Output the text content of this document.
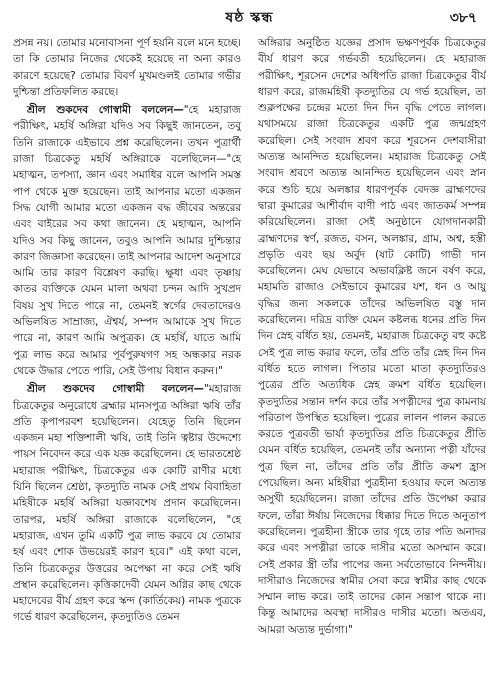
ষষ্ঠ স্কন্ধ	৩৮৭

প্রসন্ন নয়। তোমার মনোবাসনা পূর্ণ হয়নি বলে মনে হচ্ছে। তা কি তোমার নিজের থেকেই হয়েছে না অন্য কারও কারণে হয়েছে? তোমার বিবর্ণ মুখমণ্ডলই তোমার গভীর দুশ্চিন্তা প্রতিফলিত করছে।

শ্রীল শুকদেব গোস্বামী বললেন—"হে মহারাজ পরীক্ষিৎ, মহর্ষি অঙ্গিরা যদিও সব কিছুই জানতেন, তবু তিনি রাজাকে এইভাবে প্রশ্ন করেছিলেন। তখন পুত্রার্থী রাজা চিত্রকেতু মহর্ষি অঙ্গিরাকে বলেছিলেন—"হে মহাত্মন, তপস্যা, জ্ঞান এবং সমাধির বলে আপনি সমস্ত পাপ থেকে মুক্ত হয়েছেন। তাই আপনার মতো একজন সিদ্ধ যোগী আমার মতো একজন বদ্ধ জীবের অন্তরের এবং বাইরের সব কথা জানেন। হে মহাত্মন, আপনি যদিও সব কিছু জানেন, তবুও আপনি আমার দুশ্চিন্তার কারণ জিজ্ঞাসা করেছেন। তাই আপনার আদেশ অনুসারে আমি তার কারণ বিশ্লেষণ করছি। ক্ষুধা এবং তৃষ্ণায় কাতর ব্যক্তিকে যেমন মালা অথবা চন্দন আদি সুখপ্রদ বিষয় সুখ দিতে পারে না, তেমনই স্বর্গের দেবতাদেরও অভিলষিত সাম্রাজ্য, ঐশ্বর্য, সম্পদ আমাকে সুখ দিতে পারে না, কারণ আমি অপুত্রক। হে মহর্ষি, যাতে আমি পুত্র লাভ করে আমার পূর্বপুরুষগণ সহ অন্ধকার নরক থেকে উদ্ধার পেতে পারি, সেই উপায় বিধান করুন।"

শ্রীল শুকদেব গোস্বামী বললেন—"মহারাজ চিত্রকেতুর অনুরোধে ব্রহ্মার মানসপুত্র অঙ্গিরা ঋষি তাঁর প্রতি কৃপাপরবশ হয়েছিলেন। যেহেতু তিনি ছিলেন একজন মহা শক্তিশালী ঋষি, তাই তিনি ত্বষ্টার উদ্দেশ্যে পায়স নিবেদন করে এক যজ্ঞ করেছিলেন। হে ভারতশ্রেষ্ঠ মহারাজ পরীক্ষিৎ, চিত্রকেতুর এক কোটি রাণীর মধ্যে যিনি ছিলেন শ্রেষ্ঠা, কৃতদ্যুতি নামক সেই প্রথম বিবাহিতা মহিষীকে মহর্ষি অঙ্গিরা যজ্ঞাবশেষ প্রদান করেছিলেন। তারপর, মহর্ষি অঙ্গিরা রাজাকে বলেছিলেন, "হে মহারাজ, এখন তুমি একটি পুত্র লাভ করবে যে তোমার হর্ষ এবং শোক উভয়েরই কারণ হবে।" এই কথা বলে, তিনি চিত্রকেতুর উত্তরের অপেক্ষা না করে সেই ঋষি প্রস্থান করেছিলেন। কৃত্তিকাদেবী যেমন অগ্নির কাছ থেকে মহাদেবের বীর্য গ্রহণ করে স্কন্দ (কার্তিকেয়) নামক পুত্রকে গর্ভে ধারণ করেছিলেন, কৃতদ্যুতিও তেমন

অঙ্গিরার অনুষ্ঠিত যজ্ঞের প্রসাদ ভক্ষণপূর্বক চিত্রকেতুর বীর্য ধারণ করে গর্ভবতী হয়েছিলেন। হে মহারাজ পরীক্ষিৎ, শূরসেন দেশের অধিপতি রাজা চিত্রকেতুর বীর্য ধারণ করে, রাজমহিষী কৃতদ্যুতির যে গর্ভ হয়েছিল, তা শুক্লপক্ষের চন্দ্রের মতো দিন দিন বৃদ্ধি পেতে লাগল। যথাসময়ে রাজা চিত্রকেতুর একটি পুত্র জন্মগ্রহণ করেছিল। সেই সংবাদ শ্রবণ করে শূরসেন দেশবাসীরা অত্যন্ত আনন্দিত হয়েছিলেন। মহারাজ চিত্রকেতু সেই সংবাদ শ্রবণে অত্যন্ত আনন্দিত হয়েছিলেন এবং স্নান করে শুচি হয়ে অলঙ্কার ধারণপূর্বক বেদজ্ঞ ব্রাহ্মণদের দ্বারা কুমারের আশীর্বাদ বাণী পাঠ এবং জাতকর্ম সম্পন্ন করিয়েছিলেন। রাজা সেই অনুষ্ঠানে যোগদানকারী ব্রাহ্মণদের স্বর্ণ, রজত, বসন, অলঙ্কার, গ্রাম, অশ্ব, হস্তী প্রভৃতি এবং ছয় অর্বুদ (ষাট কোটি) গাভী দান করেছিলেন। মেঘ যেভাবে অভাবক্লিষ্ট জনে বর্ষণ করে, মহামতি রাজাও সেইভাবে কুমারের যশ, ধন ও আয়ু বৃদ্ধির জন্য সকলকে তাঁদের অভিলষিত বস্তু দান করেছিলেন। দরিদ্র ব্যক্তি যেমন কষ্টলব্ধ ধনের প্রতি দিন দিন স্নেহ বর্ধিত হয়, তেমনই, মহারাজ চিত্রকেতু বহু কষ্টে সেই পুত্র লাভ করার ফলে, তাঁর প্রতি তাঁর স্নেহ দিন দিন বর্ধিত হতে লাগল। পিতার মতো মাতা কৃতদ্যুতিরও পুত্রের প্রতি অত্যধিক স্নেহ ক্রমশ বর্ধিত হয়েছিল। কৃতদ্যুতির সন্তান দর্শন করে তাঁর সপত্নীদের পুত্র কামনায় পরিতাপ উপস্থিত হয়েছিল। পুত্রের লালন পালন করতে করতে পুত্রবতী ভার্যা কৃতদ্যুতির প্রতি চিত্রকেতুর প্রীতি যেমন বর্ধিত হয়েছিল, তেমনই তাঁর অন্যান্য পত্নী যাঁদের পুত্র ছিল না, তাঁদের প্রতি তাঁর প্রীতি ক্রমশ হ্রাস পেয়েছিল। অন্য মহিষীরা পুত্রহীনা হওয়ার ফলে অত্যন্ত অসুখী হয়েছিলেন। রাজা তাঁদের প্রতি উপেক্ষা করার ফলে, তাঁরা ঈর্ষায় নিজেদের ধিক্কার দিতে দিতে অনুতাপ করেছিলেন। পুত্রহীনা স্ত্রীকে তার গৃহে তার পতি অনাদর করে এবং সপত্নীরা তাকে দাসীর মতো অসম্মান করে। সেই প্রকার স্ত্রী তাঁর পাপের জন্য সর্বতোভাবে নিন্দনীয়। দাসীরাও নিজেদের স্বামীর সেবা করে স্বামীর কাছ থেকে সম্মান লাভ করে। তাই তাদের কোন সন্তাপ থাকে না। কিন্তু আমাদের অবস্থা দাসীরও দাসীর মতো। অতএব, আমরা অত্যন্ত দুর্ভাগা।"
